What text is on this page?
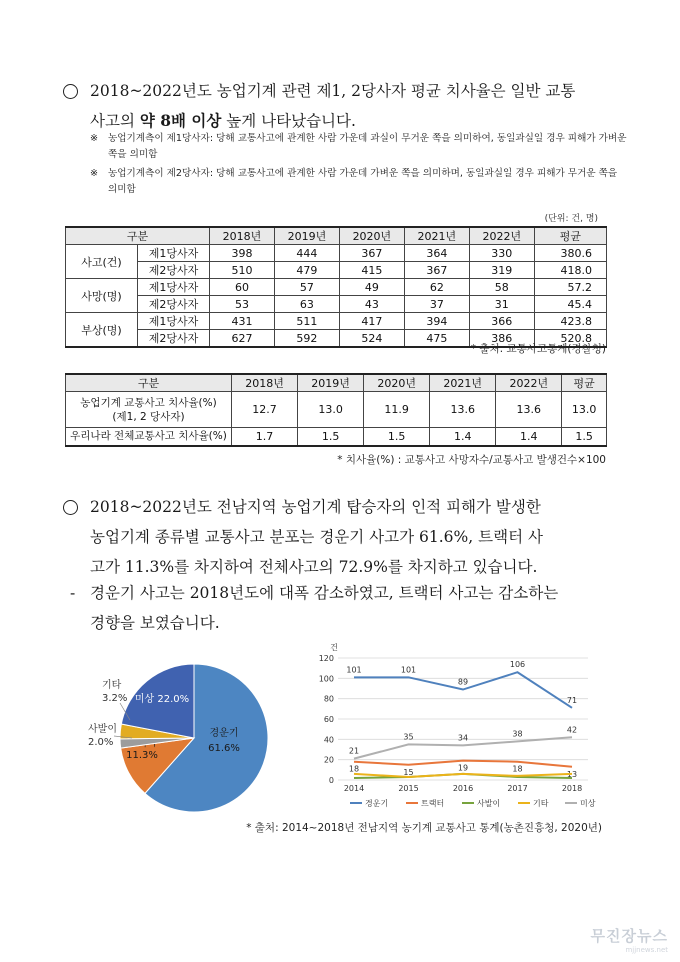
2018~2022년도 농업기계 관련 제1, 2당사자 평균 치사율은 일반 교통
사고의 약 8배 이상 높게 나타났습니다.
※ 농업기계측이 제1당사자: 당해 교통사고에 관계한 사람 가운데 과실이 무거운 쪽을 의미하여, 동일과실일 경우 피해가 가벼운 쪽을 의미함
※ 농업기계측이 제2당사자: 당해 교통사고에 관계한 사람 가운데 가벼운 쪽을 의미하며, 동일과실일 경우 피해가 무거운 쪽을 의미함
(단위: 건, 명)
구분		2018년	2019년	2020년	2021년	2022년	평균
사고(건)	제1당사자	398	444	367	364	330	380.6
	제2당사자	510	479	415	367	319	418.0
사망(명)	제1당사자	60	57	49	62	58	57.2
	제2당사자	53	63	43	37	31	45.4
부상(명)	제1당사자	431	511	417	394	366	423.8
	제2당사자	627	592	524	475	386	520.8
* 출처: 교통사고통계(경찰청)
구분	2018년	2019년	2020년	2021년	2022년	평균

농업기계 교통사고 치사율(%)
(제1, 2 당사자)	12.7	13.0	11.9	13.6	13.6	13.0
우리나라 전체교통사고 치사율(%)	1.7	1.5	1.5	1.4	1.4	1.5
* 치사율(%) : 교통사고 사망자수/교통사고 발생건수×100
2018~2022년도 전남지역 농업기계 탑승자의 인적 피해가 발생한
농업기계 종류별 교통사고 분포는 경운기 사고가 61.6%, 트랙터 사
고가 11.3%를 차지하여 전체사고의 72.9%를 차지하고 있습니다.
- 경운기 사고는 2018년도에 대폭 감소하였고, 트랙터 사고는 감소하는
경향을 보였습니다.
경운기
61.6%
11.3%
사발이
2.0%
기타
3.2% 미상 22.0%
건
0
20
40
60
80
100
120
2014	2015	2016	2017	2018
101	101
89
106
71
18	15	19	18
13
21
35	34	38	42
경운기	트랙터	사발이	기타	미상
* 출처: 2014~2018년 전남지역 농기계 교통사고 통계(농촌진흥청, 2020년)
무진장뉴스
mjjnews.net
